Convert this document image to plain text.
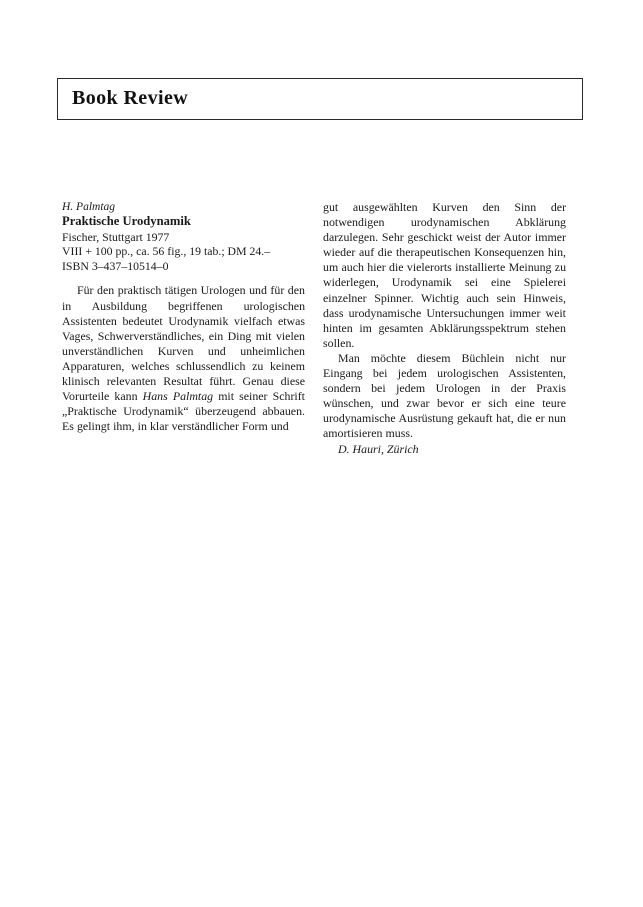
Book Review
H. Palmtag
Praktische Urodynamik
Fischer, Stuttgart 1977
VIII + 100 pp., ca. 56 fig., 19 tab.; DM 24.–
ISBN 3–437–10514–0

Für den praktisch tätigen Urologen und für den in Ausbildung begriffenen urologischen Assistenten bedeutet Urodynamik vielfach etwas Vages, Schwerverständliches, ein Ding mit vielen unverständlichen Kurven und unheimlichen Apparaturen, welches schlussendlich zu keinem klinisch relevanten Resultat führt. Genau diese Vorurteile kann Hans Palmtag mit seiner Schrift „Praktische Urodynamik“ überzeugend abbauen. Es gelingt ihm, in klar verständlicher Form und

gut ausgewählten Kurven den Sinn der notwendigen urodynamischen Abklärung darzulegen. Sehr geschickt weist der Autor immer wieder auf die therapeutischen Konsequenzen hin, um auch hier die vielerorts installierte Meinung zu widerlegen, Urodynamik sei eine Spielerei einzelner Spinner. Wichtig auch sein Hinweis, dass urodynamische Untersuchungen immer weit hinten im gesamten Abklärungsspektrum stehen sollen.

Man möchte diesem Büchlein nicht nur Eingang bei jedem urologischen Assistenten, sondern bei jedem Urologen in der Praxis wünschen, und zwar bevor er sich eine teure urodynamische Ausrüstung gekauft hat, die er nun amortisieren muss.

D. Hauri, Zürich
